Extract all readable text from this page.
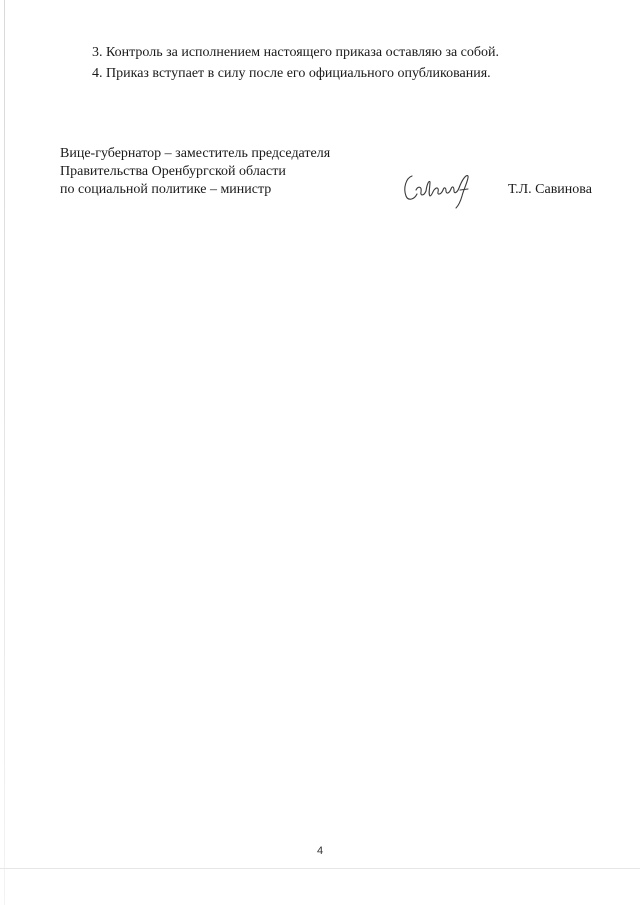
3. Контроль за исполнением настоящего приказа оставляю за собой.
4. Приказ вступает в силу после его официального опубликования.
Вице-губернатор – заместитель председателя
Правительства Оренбургской области
по социальной политике – министр	Т.Л. Савинова
4
